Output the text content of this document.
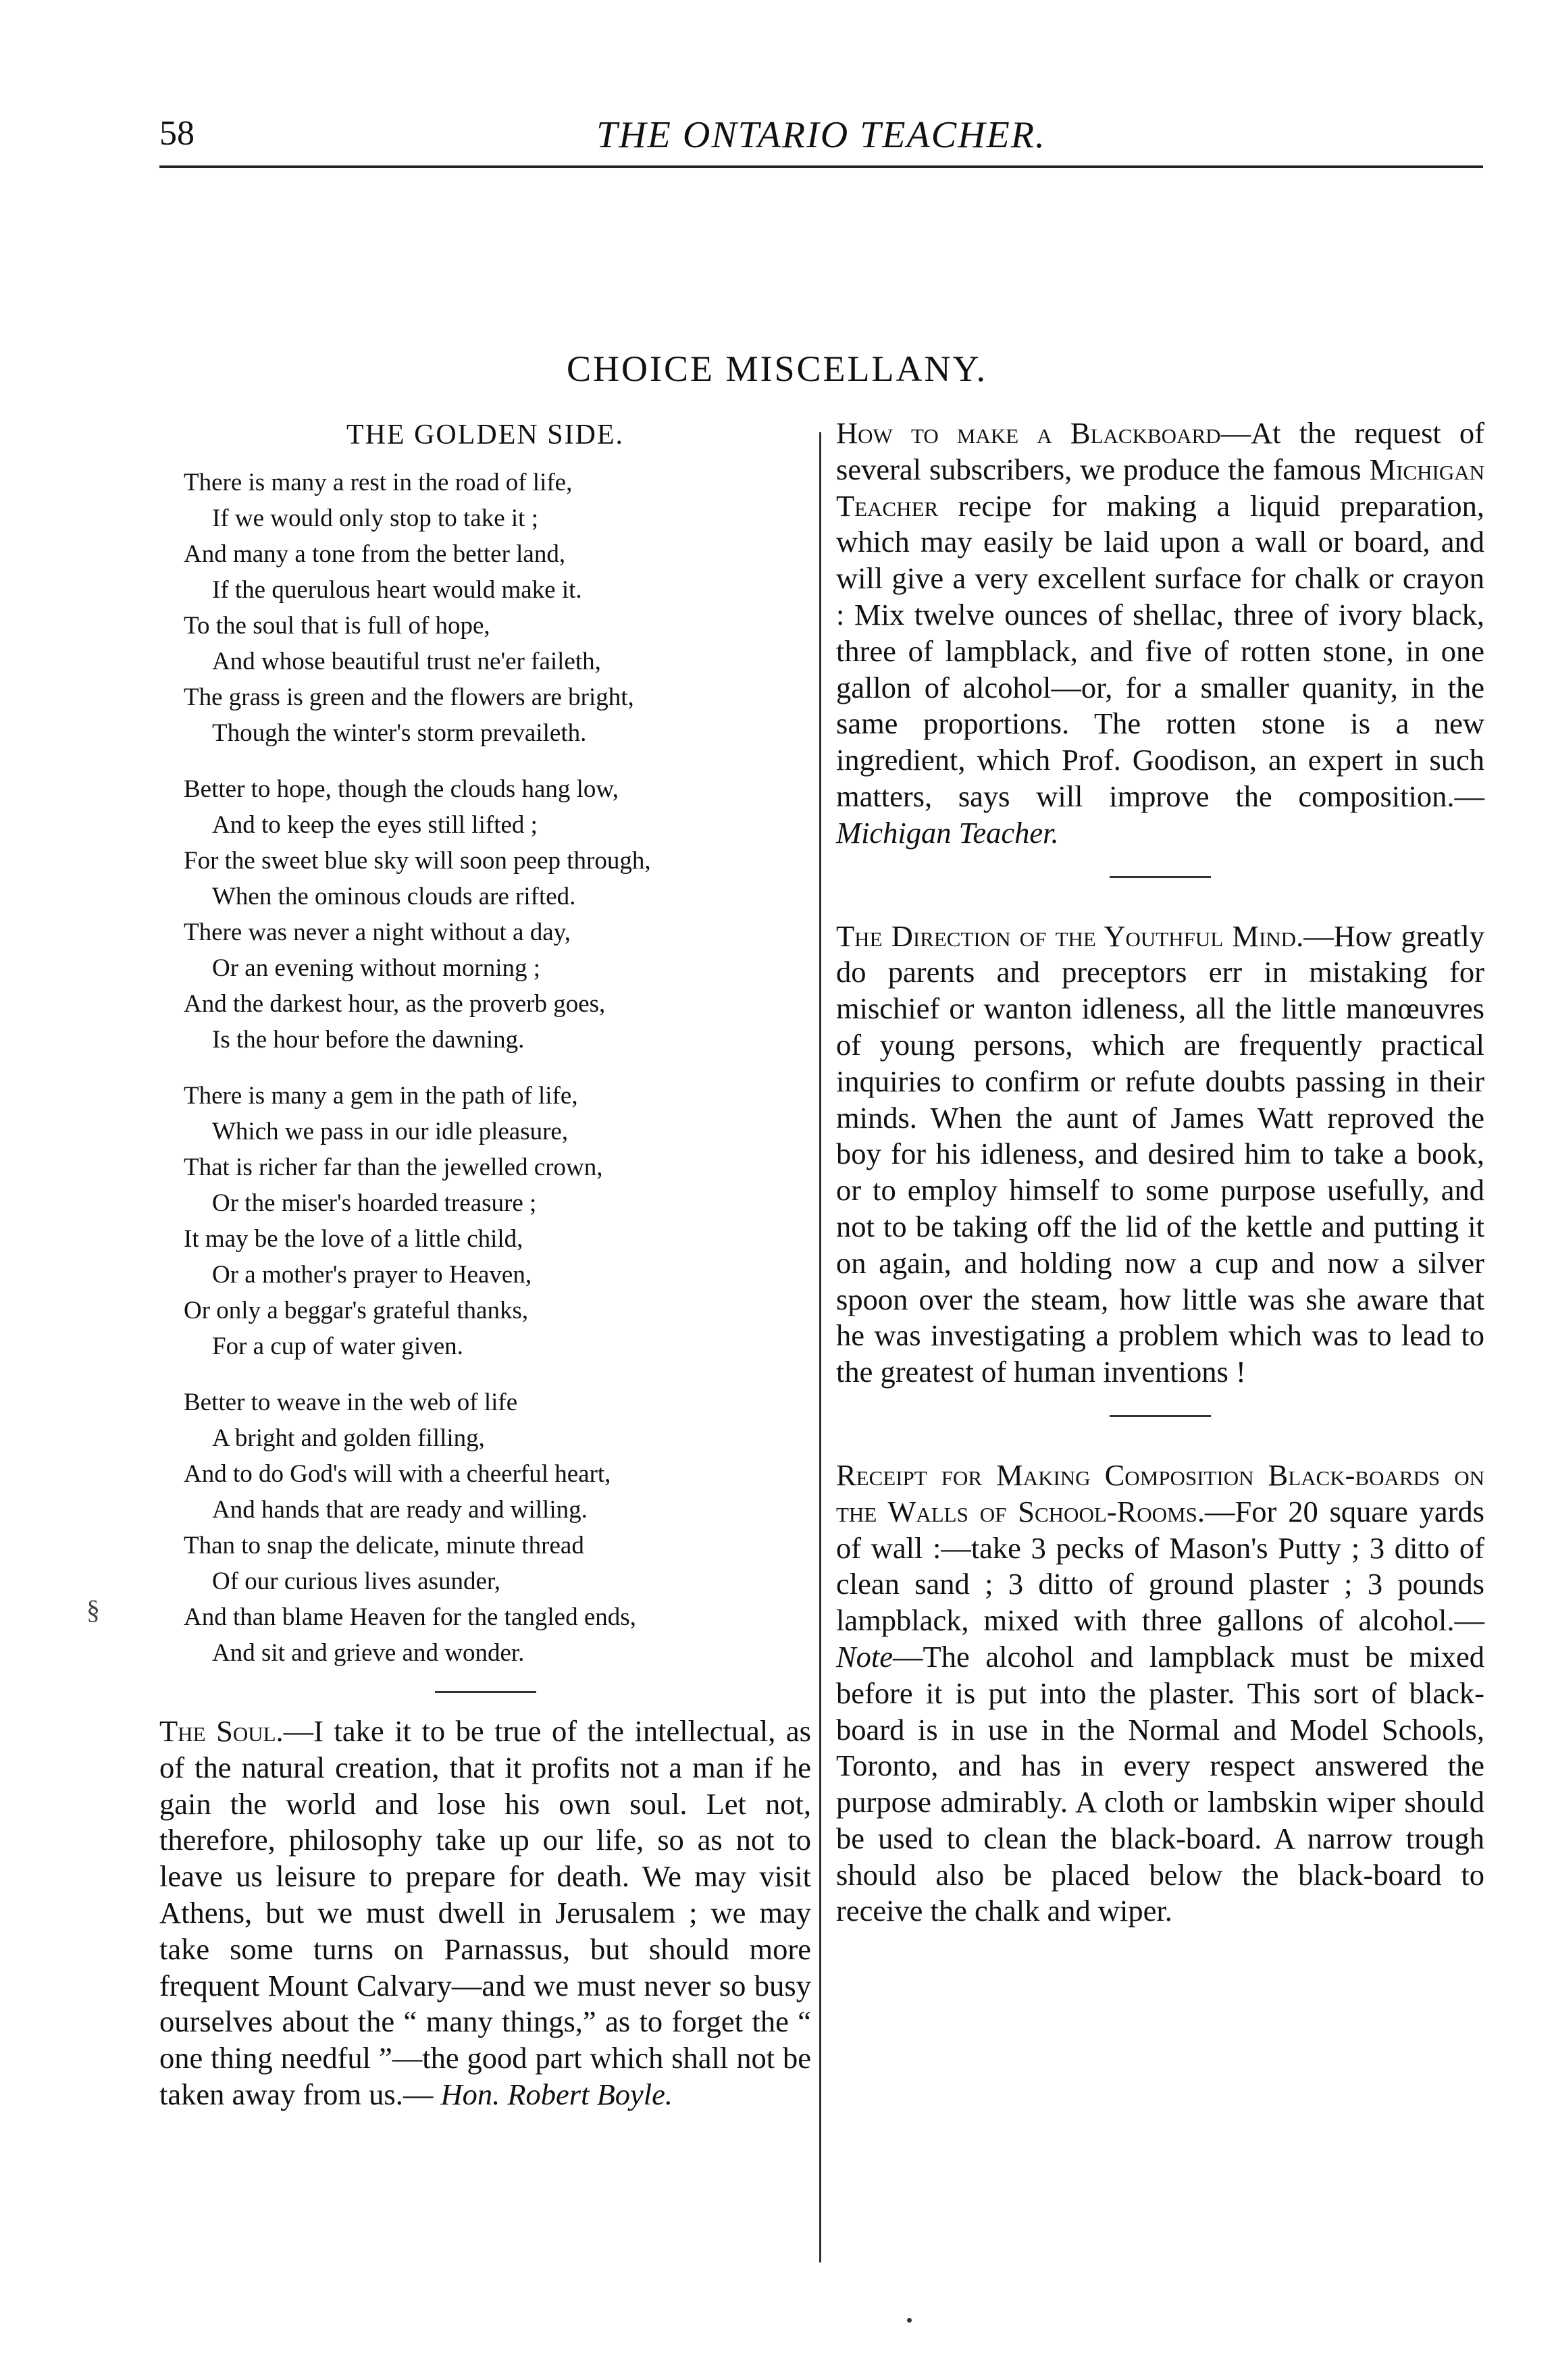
58	THE ONTARIO TEACHER.
CHOICE MISCELLANY.
§
THE GOLDEN SIDE.
There is many a rest in the road of life,
If we would only stop to take it ;
And many a tone from the better land,
If the querulous heart would make it.
To the soul that is full of hope,
And whose beautiful trust ne'er faileth,
The grass is green and the flowers are bright,
Though the winter's storm prevaileth.
Better to hope, though the clouds hang low,
And to keep the eyes still lifted ;
For the sweet blue sky will soon peep through,
When the ominous clouds are rifted.
There was never a night without a day,
Or an evening without morning ;
And the darkest hour, as the proverb goes,
Is the hour before the dawning.
There is many a gem in the path of life,
Which we pass in our idle pleasure,
That is richer far than the jewelled crown,
Or the miser's hoarded treasure ;
It may be the love of a little child,
Or a mother's prayer to Heaven,
Or only a beggar's grateful thanks,
For a cup of water given.
Better to weave in the web of life
A bright and golden filling,
And to do God's will with a cheerful heart,
And hands that are ready and willing.
Than to snap the delicate, minute thread
Of our curious lives asunder,
And than blame Heaven for the tangled ends,
And sit and grieve and wonder.

The Soul.—I take it to be true of the intellectual, as of the natural creation, that it profits not a man if he gain the world and lose his own soul. Let not, therefore, philosophy take up our life, so as not to leave us leisure to prepare for death. We may visit Athens, but we must dwell in Jerusalem ; we may take some turns on Parnassus, but should more frequent Mount Calvary—and we must never so busy ourselves about the “ many things,” as to forget the “ one thing needful ”—the good part which shall not be taken away from us.— Hon. Robert Boyle.

How to make a Blackboard—At the request of several subscribers, we produce the famous Michigan Teacher recipe for making a liquid preparation, which may easily be laid upon a wall or board, and will give a very excellent surface for chalk or crayon : Mix twelve ounces of shellac, three of ivory black, three of lampblack, and five of rotten stone, in one gallon of alcohol—or, for a smaller quanity, in the same proportions. The rotten stone is a new ingredient, which Prof. Goodison, an expert in such matters, says will improve the composition.—Michigan Teacher.

The Direction of the Youthful Mind.—How greatly do parents and preceptors err in mistaking for mischief or wanton idleness, all the little manœuvres of young persons, which are frequently practical inquiries to confirm or refute doubts passing in their minds. When the aunt of James Watt reproved the boy for his idleness, and desired him to take a book, or to employ himself to some purpose usefully, and not to be taking off the lid of the kettle and putting it on again, and holding now a cup and now a silver spoon over the steam, how little was she aware that he was investigating a problem which was to lead to the greatest of human inventions !

Receipt for Making Composition Black-boards on the Walls of School-Rooms.—For 20 square yards of wall :—take 3 pecks of Mason's Putty ; 3 ditto of clean sand ; 3 ditto of ground plaster ; 3 pounds lampblack, mixed with three gallons of alcohol.—Note—The alcohol and lampblack must be mixed before it is put into the plaster. This sort of black-board is in use in the Normal and Model Schools, Toronto, and has in every respect answered the purpose admirably. A cloth or lambskin wiper should be used to clean the black-board. A narrow trough should also be placed below the black-board to receive the chalk and wiper.
